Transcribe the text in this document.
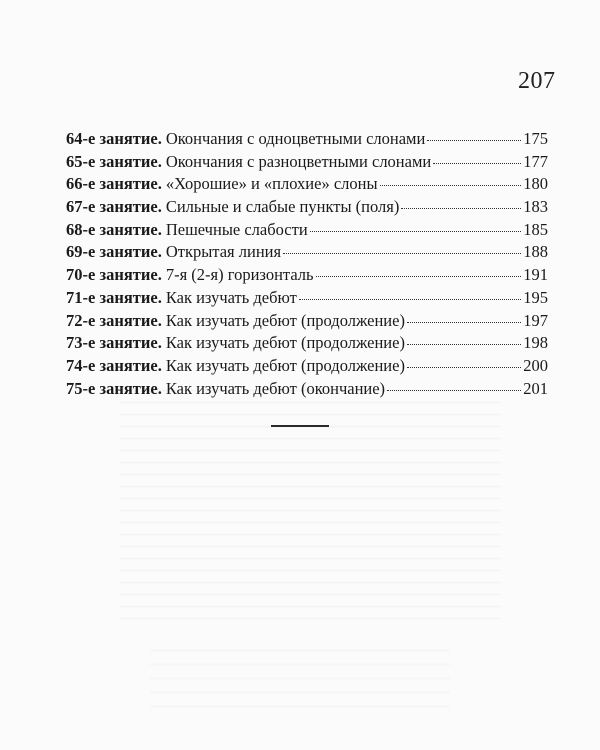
207
64-е занятие . Окончания с одноцветными слонами	175
65-е занятие . Окончания с разноцветными слонами	177
66-е занятие . «Хорошие» и «плохие» слоны	180
67-е занятие . Сильные и слабые пункты (поля)	183
68-е занятие . Пешечные слабости	185
69-е занятие . Открытая линия	188
70-е занятие . 7-я (2-я) горизонталь	191
71-е занятие . Как изучать дебют	195
72-е занятие . Как изучать дебют (продолжение)	197
73-е занятие . Как изучать дебют (продолжение)	198
74-е занятие . Как изучать дебют (продолжение)	200
75-е занятие . Как изучать дебют (окончание)	201
